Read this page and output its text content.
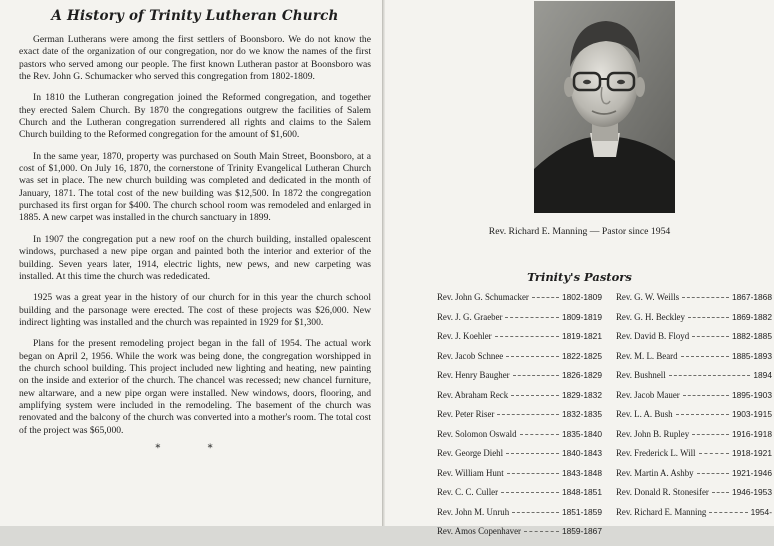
A History of Trinity Lutheran Church

German Lutherans were among the first settlers of Boonsboro. We do not know the exact date of the organization of our congregation, nor do we know the names of the first pastors who served among our people. The first known Lutheran pastor at Boonsboro was the Rev. John G. Schumacker who served this congregation from 1802-1809.

In 1810 the Lutheran congregation joined the Reformed congregation, and together they erected Salem Church. By 1870 the congregations outgrew the facilities of Salem Church and the Lutheran congregation surrendered all rights and claims to the Salem Church building to the Reformed congregation for the amount of $1,600.

In the same year, 1870, property was purchased on South Main Street, Boonsboro, at a cost of $1,000. On July 16, 1870, the cornerstone of Trinity Evangelical Lutheran Church was set in place. The new church building was completed and dedicated in the month of January, 1871. The total cost of the new building was $12,500. In 1872 the congregation purchased its first organ for $400. The church school room was remodeled and enlarged in 1885. A new carpet was installed in the church sanctuary in 1899.

In 1907 the congregation put a new roof on the church building, installed opalescent windows, purchased a new pipe organ and painted both the interior and exterior of the building. Seven years later, 1914, electric lights, new pews, and new carpeting was installed. At this time the church was rededicated.

1925 was a great year in the history of our church for in this year the church school building and the parsonage were erected. The cost of these projects was $26,000. New indirect lighting was installed and the church was repainted in 1929 for $1,300.

Plans for the present remodeling project began in the fall of 1954. The actual work began on April 2, 1956. While the work was being done, the congregation worshipped in the church school building. This project included new lighting and heating, new painting on the inside and exterior of the church. The chancel was recessed; new chancel furniture, new altarware, and a new pipe organ were installed. New windows, doors, flooring, and amplifying system were included in the remodeling. The basement of the church was renovated and the balcony of the church was converted into a mother's room. The total cost of the project was $65,000.

* *
Rev. Richard E. Manning — Pastor since 1954
Trinity's Pastors
Rev. John G. Schumacker	1802-1809
Rev. J. G. Graeber	1809-1819
Rev. J. Koehler	1819-1821
Rev. Jacob Schnee	1822-1825
Rev. Henry Baugher	1826-1829
Rev. Abraham Reck	1829-1832
Rev. Peter Riser	1832-1835
Rev. Solomon Oswald	1835-1840
Rev. George Diehl	1840-1843
Rev. William Hunt	1843-1848
Rev. C. C. Culler	1848-1851
Rev. John M. Unruh	1851-1859
Rev. Amos Copenhaver	1859-1867
Rev. G. W. Weills	1867-1868
Rev. G. H. Beckley	1869-1882
Rev. David B. Floyd	1882-1885
Rev. M. L. Beard	1885-1893
Rev. Bushnell	1894
Rev. Jacob Mauer	1895-1903
Rev. L. A. Bush	1903-1915
Rev. John B. Rupley	1916-1918
Rev. Frederick L. Will	1918-1921
Rev. Martin A. Ashby	1921-1946
Rev. Donald R. Stonesifer	1946-1953
Rev. Richard E. Manning	1954-
